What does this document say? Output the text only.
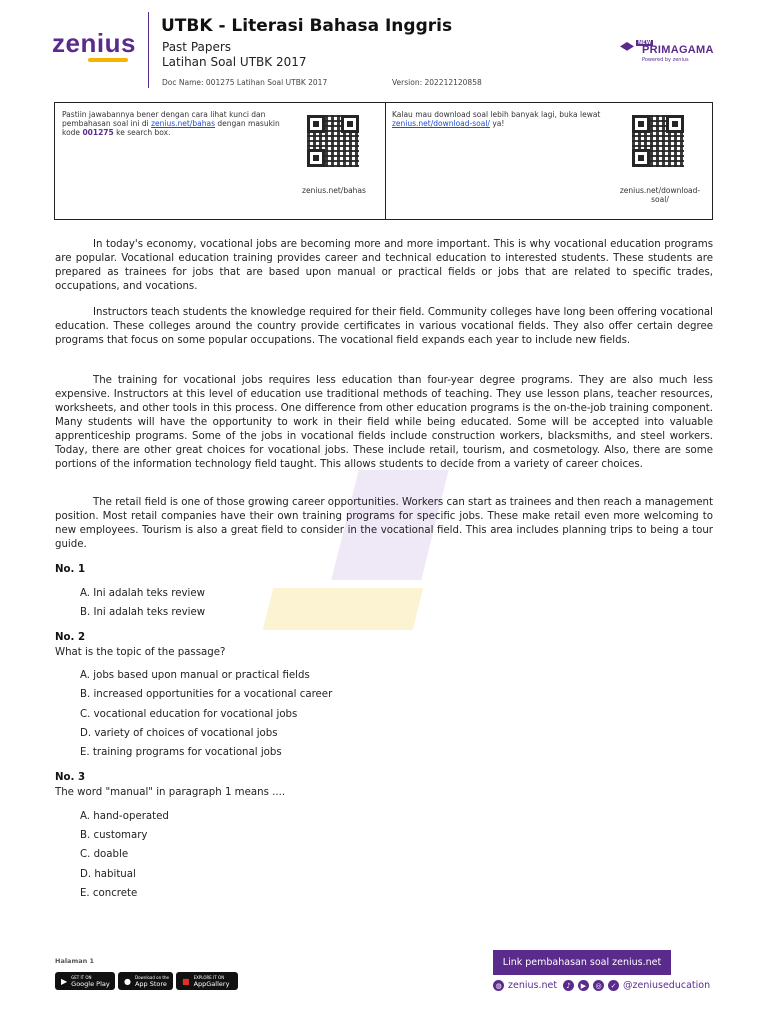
zenius
UTBK - Literasi Bahasa Inggris
Past Papers
Latihan Soal UTBK 2017
Doc Name: 001275 Latihan Soal UTBK 2017	Version: 202212120858
NEW
PRIMAGAMA
Powered by zenius
Pastiin jawabannya bener dengan cara lihat kunci dan pembahasan soal ini di zenius.net/bahas dengan masukin kode 001275 ke search box.
zenius.net/bahas
Kalau mau download soal lebih banyak lagi, buka lewat zenius.net/download-soal/ ya!
zenius.net/download-soal/
In today's economy, vocational jobs are becoming more and more important. This is why vocational education programs are popular. Vocational education training provides career and technical education to interested students. These students are prepared as trainees for jobs that are based upon manual or practical fields or jobs that are related to specific trades, occupations, and vocations.
Instructors teach students the knowledge required for their field. Community colleges have long been offering vocational education. These colleges around the country provide certificates in various vocational fields. They also offer certain degree programs that focus on some popular occupations. The vocational field expands each year to include new fields.
The training for vocational jobs requires less education than four-year degree programs. They are also much less expensive. Instructors at this level of education use traditional methods of teaching. They use lesson plans, teacher resources, worksheets, and other tools in this process. One difference from other education programs is the on-the-job training component. Many students will have the opportunity to work in their field while being educated. Some will be accepted into valuable apprenticeship programs. Some of the jobs in vocational fields include construction workers, blacksmiths, and steel workers. Today, there are other great choices for vocational jobs. These include retail, tourism, and cosmetology. Also, there are some portions of the information technology field taught. This allows students to decide from a variety of career choices.
The retail field is one of those growing career opportunities. Workers can start as trainees and then reach a management position. Most retail companies have their own training programs for specific jobs. These make retail even more welcoming to new employees. Tourism is also a great field to consider in the vocational field. This area includes planning trips to being a tour guide.
No. 1
A. Ini adalah teks review
B. Ini adalah teks review
No. 2
What is the topic of the passage?
A. jobs based upon manual or practical fields
B. increased opportunities for a vocational career
C. vocational education for vocational jobs
D. variety of choices of vocational jobs
E. training programs for vocational jobs
No. 3
The word "manual" in paragraph 1 means ....
A. hand-operated
B. customary
C. doable
D. habitual
E. concrete
Halaman 1
▶ GET IT ON
Google Play ● Download on the
App Store ■ EXPLORE IT ON
AppGallery
Link pembahasan soal zenius.net
◍ zenius.net	♪	▶	◎	✓ @zeniuseducation
